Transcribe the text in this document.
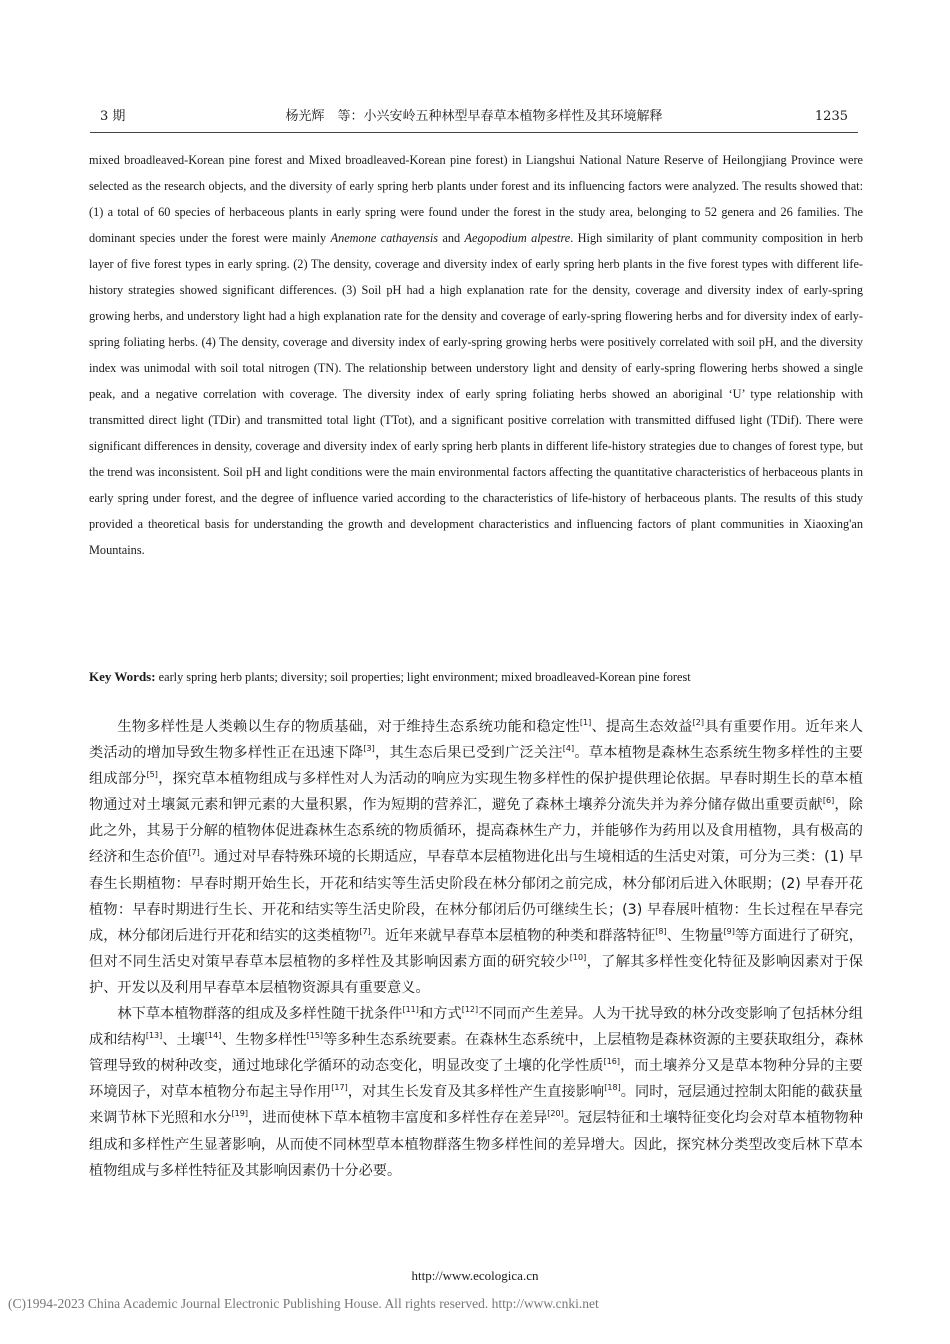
3 期	杨光辉　等：小兴安岭五种林型早春草本植物多样性及其环境解释	1235
mixed broadleaved-Korean pine forest and Mixed broadleaved-Korean pine forest) in Liangshui National Nature Reserve of Heilongjiang Province were selected as the research objects, and the diversity of early spring herb plants under forest and its influencing factors were analyzed. The results showed that: (1) a total of 60 species of herbaceous plants in early spring were found under the forest in the study area, belonging to 52 genera and 26 families. The dominant species under the forest were mainly Anemone cathayensis and Aegopodium alpestre. High similarity of plant community composition in herb layer of five forest types in early spring. (2) The density, coverage and diversity index of early spring herb plants in the five forest types with different life-history strategies showed significant differences. (3) Soil pH had a high explanation rate for the density, coverage and diversity index of early-spring growing herbs, and understory light had a high explanation rate for the density and coverage of early-spring flowering herbs and for diversity index of early-spring foliating herbs. (4) The density, coverage and diversity index of early-spring growing herbs were positively correlated with soil pH, and the diversity index was unimodal with soil total nitrogen (TN). The relationship between understory light and density of early-spring flowering herbs showed a single peak, and a negative correlation with coverage. The diversity index of early spring foliating herbs showed an aboriginal ‘U’ type relationship with transmitted direct light (TDir) and transmitted total light (TTot), and a significant positive correlation with transmitted diffused light (TDif). There were significant differences in density, coverage and diversity index of early spring herb plants in different life-history strategies due to changes of forest type, but the trend was inconsistent. Soil pH and light conditions were the main environmental factors affecting the quantitative characteristics of herbaceous plants in early spring under forest, and the degree of influence varied according to the characteristics of life-history of herbaceous plants. The results of this study provided a theoretical basis for understanding the growth and development characteristics and influencing factors of plant communities in Xiaoxing'an Mountains.
Key Words: early spring herb plants; diversity; soil properties; light environment; mixed broadleaved-Korean pine forest

生物多样性是人类赖以生存的物质基础，对于维持生态系统功能和稳定性[1]、提高生态效益[2]具有重要作用。近年来人类活动的增加导致生物多样性正在迅速下降[3]，其生态后果已受到广泛关注[4]。草本植物是森林生态系统生物多样性的主要组成部分[5]，探究草本植物组成与多样性对人为活动的响应为实现生物多样性的保护提供理论依据。早春时期生长的草本植物通过对土壤氮元素和钾元素的大量积累，作为短期的营养汇，避免了森林土壤养分流失并为养分储存做出重要贡献[6]，除此之外，其易于分解的植物体促进森林生态系统的物质循环，提高森林生产力，并能够作为药用以及食用植物，具有极高的经济和生态价值[7]。通过对早春特殊环境的长期适应，早春草本层植物进化出与生境相适的生活史对策，可分为三类：(1) 早春生长期植物：早春时期开始生长，开花和结实等生活史阶段在林分郁闭之前完成，林分郁闭后进入休眠期；(2) 早春开花植物：早春时期进行生长、开花和结实等生活史阶段，在林分郁闭后仍可继续生长；(3) 早春展叶植物：生长过程在早春完成，林分郁闭后进行开花和结实的这类植物[7]。近年来就早春草本层植物的种类和群落特征[8]、生物量[9]等方面进行了研究，但对不同生活史对策早春草本层植物的多样性及其影响因素方面的研究较少[10]，了解其多样性变化特征及影响因素对于保护、开发以及利用早春草本层植物资源具有重要意义。

林下草本植物群落的组成及多样性随干扰条件[11]和方式[12]不同而产生差异。人为干扰导致的林分改变影响了包括林分组成和结构[13]、土壤[14]、生物多样性[15]等多种生态系统要素。在森林生态系统中，上层植物是森林资源的主要获取组分，森林管理导致的树种改变，通过地球化学循环的动态变化，明显改变了土壤的化学性质[16]，而土壤养分又是草本物种分异的主要环境因子，对草本植物分布起主导作用[17]，对其生长发育及其多样性产生直接影响[18]。同时，冠层通过控制太阳能的截获量来调节林下光照和水分[19]，进而使林下草本植物丰富度和多样性存在差异[20]。冠层特征和土壤特征变化均会对草本植物物种组成和多样性产生显著影响，从而使不同林型草本植物群落生物多样性间的差异增大。因此，探究林分类型改变后林下草本植物组成与多样性特征及其影响因素仍十分必要。

http://www.ecologica.cn
(C)1994-2023 China Academic Journal Electronic Publishing House. All rights reserved. http://www.cnki.net
